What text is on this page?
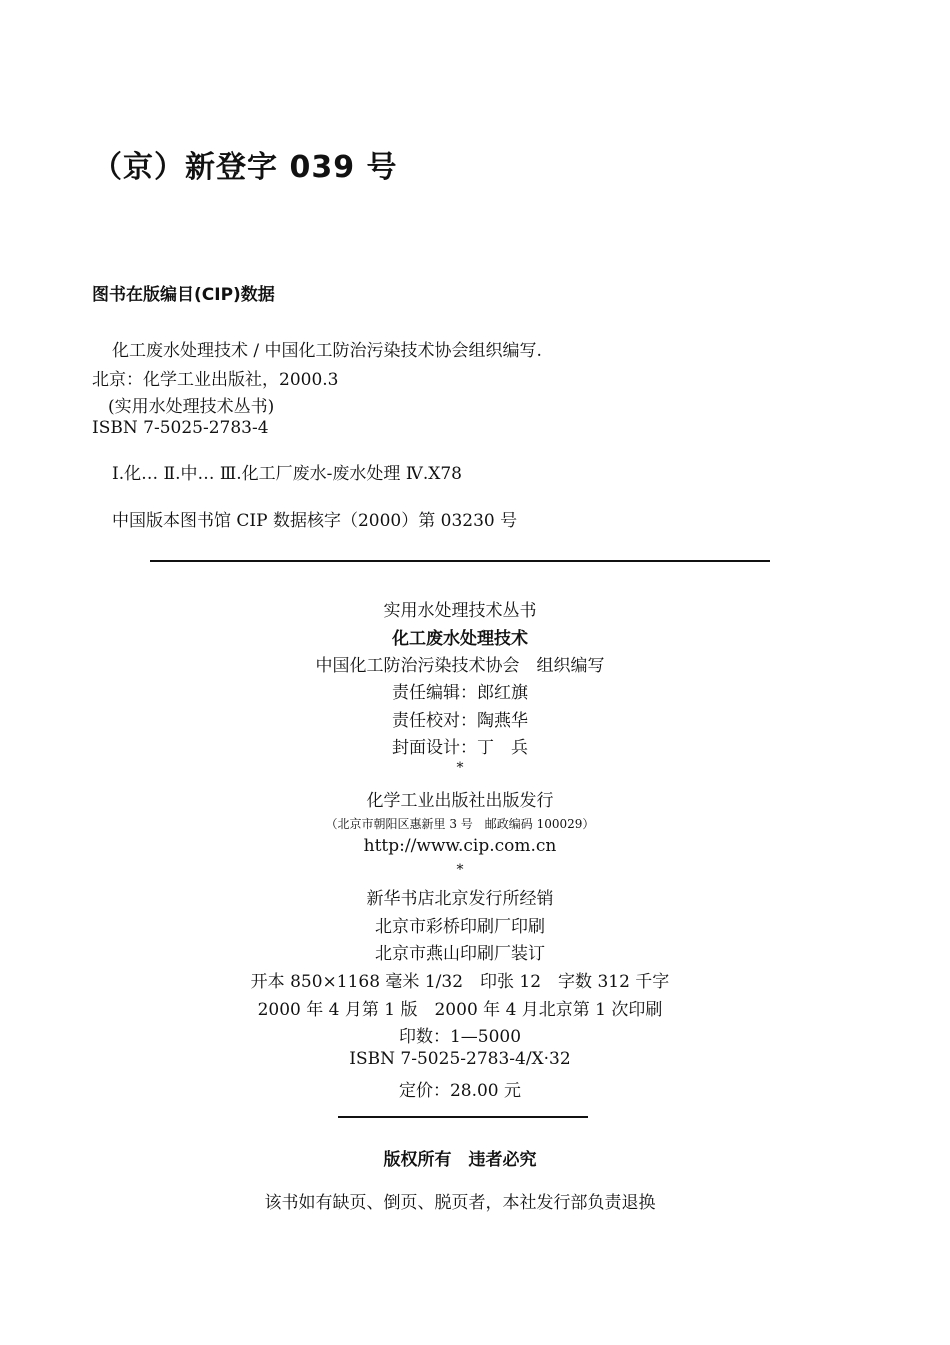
（京）新登字 039 号
图书在版编目(CIP)数据
化工废水处理技术 / 中国化工防治污染技术协会组织编写.
北京：化学工业出版社，2000.3
(实用水处理技术丛书)
ISBN 7-5025-2783-4
Ⅰ.化… Ⅱ.中… Ⅲ.化工厂废水-废水处理 Ⅳ.X78
中国版本图书馆 CIP 数据核字（2000）第 03230 号
实用水处理技术丛书
化工废水处理技术
中国化工防治污染技术协会　组织编写
责任编辑：郎红旗
责任校对：陶燕华
封面设计：丁　兵
*
化学工业出版社出版发行
（北京市朝阳区惠新里 3 号　邮政编码 100029）
http://www.cip.com.cn
*
新华书店北京发行所经销
北京市彩桥印刷厂印刷
北京市燕山印刷厂装订
开本 850×1168 毫米 1/32　印张 12　字数 312 千字
2000 年 4 月第 1 版　2000 年 4 月北京第 1 次印刷
印数：1—5000
ISBN 7-5025-2783-4/X·32
定价：28.00 元
版权所有　违者必究
该书如有缺页、倒页、脱页者，本社发行部负责退换
